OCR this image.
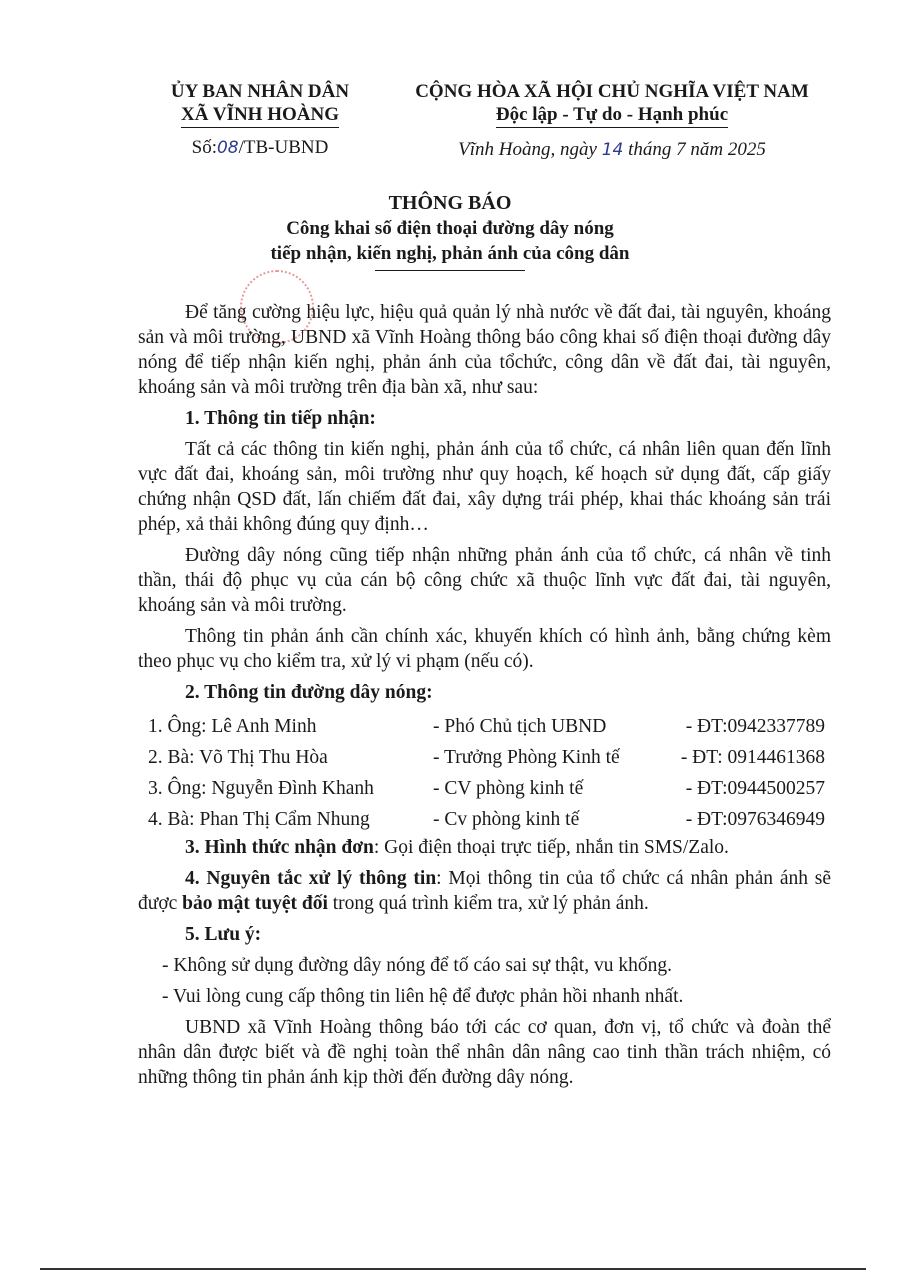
ỦY BAN NHÂN DÂN
XÃ VĨNH HOÀNG
Số:08/TB-UBND
CỘNG HÒA XÃ HỘI CHỦ NGHĨA VIỆT NAM
Độc lập - Tự do - Hạnh phúc
Vĩnh Hoàng, ngày 14 tháng 7 năm 2025
THÔNG BÁO
Công khai số điện thoại đường dây nóng
tiếp nhận, kiến nghị, phản ánh của công dân

Để tăng cường hiệu lực, hiệu quả quản lý nhà nước về đất đai, tài nguyên, khoáng sản và môi trường, UBND xã Vĩnh Hoàng thông báo công khai số điện thoại đường dây nóng để tiếp nhận kiến nghị, phản ánh của tổchức, công dân về đất đai, tài nguyên, khoáng sản và môi trường trên địa bàn xã, như sau:

1. Thông tin tiếp nhận:

Tất cả các thông tin kiến nghị, phản ánh của tổ chức, cá nhân liên quan đến lĩnh vực đất đai, khoáng sản, môi trường như quy hoạch, kế hoạch sử dụng đất, cấp giấy chứng nhận QSD đất, lấn chiếm đất đai, xây dựng trái phép, khai thác khoáng sản trái phép, xả thải không đúng quy định…

Đường dây nóng cũng tiếp nhận những phản ánh của tổ chức, cá nhân về tinh thần, thái độ phục vụ của cán bộ công chức xã thuộc lĩnh vực đất đai, tài nguyên, khoáng sản và môi trường.

Thông tin phản ánh cần chính xác, khuyến khích có hình ảnh, bằng chứng kèm theo phục vụ cho kiểm tra, xử lý vi phạm (nếu có).

2. Thông tin đường dây nóng:
1. Ông: Lê Anh Minh	- Phó Chủ tịch UBND	- ĐT:0942337789
2. Bà: Võ Thị Thu Hòa	- Trưởng Phòng Kinh tế	- ĐT: 0914461368
3. Ông: Nguyễn Đình Khanh	- CV phòng kinh tế	- ĐT:0944500257
4. Bà: Phan Thị Cẩm Nhung	- Cv phòng kinh tế	- ĐT:0976346949

3. Hình thức nhận đơn: Gọi điện thoại trực tiếp, nhắn tin SMS/Zalo.

4. Nguyên tắc xử lý thông tin: Mọi thông tin của tổ chức cá nhân phản ánh sẽ được bảo mật tuyệt đối trong quá trình kiểm tra, xử lý phản ánh.

5. Lưu ý:
- Không sử dụng đường dây nóng để tố cáo sai sự thật, vu khống.
- Vui lòng cung cấp thông tin liên hệ để được phản hồi nhanh nhất.

UBND xã Vĩnh Hoàng thông báo tới các cơ quan, đơn vị, tổ chức và đoàn thể nhân dân được biết và đề nghị toàn thể nhân dân nâng cao tinh thần trách nhiệm, có những thông tin phản ánh kịp thời đến đường dây nóng.
